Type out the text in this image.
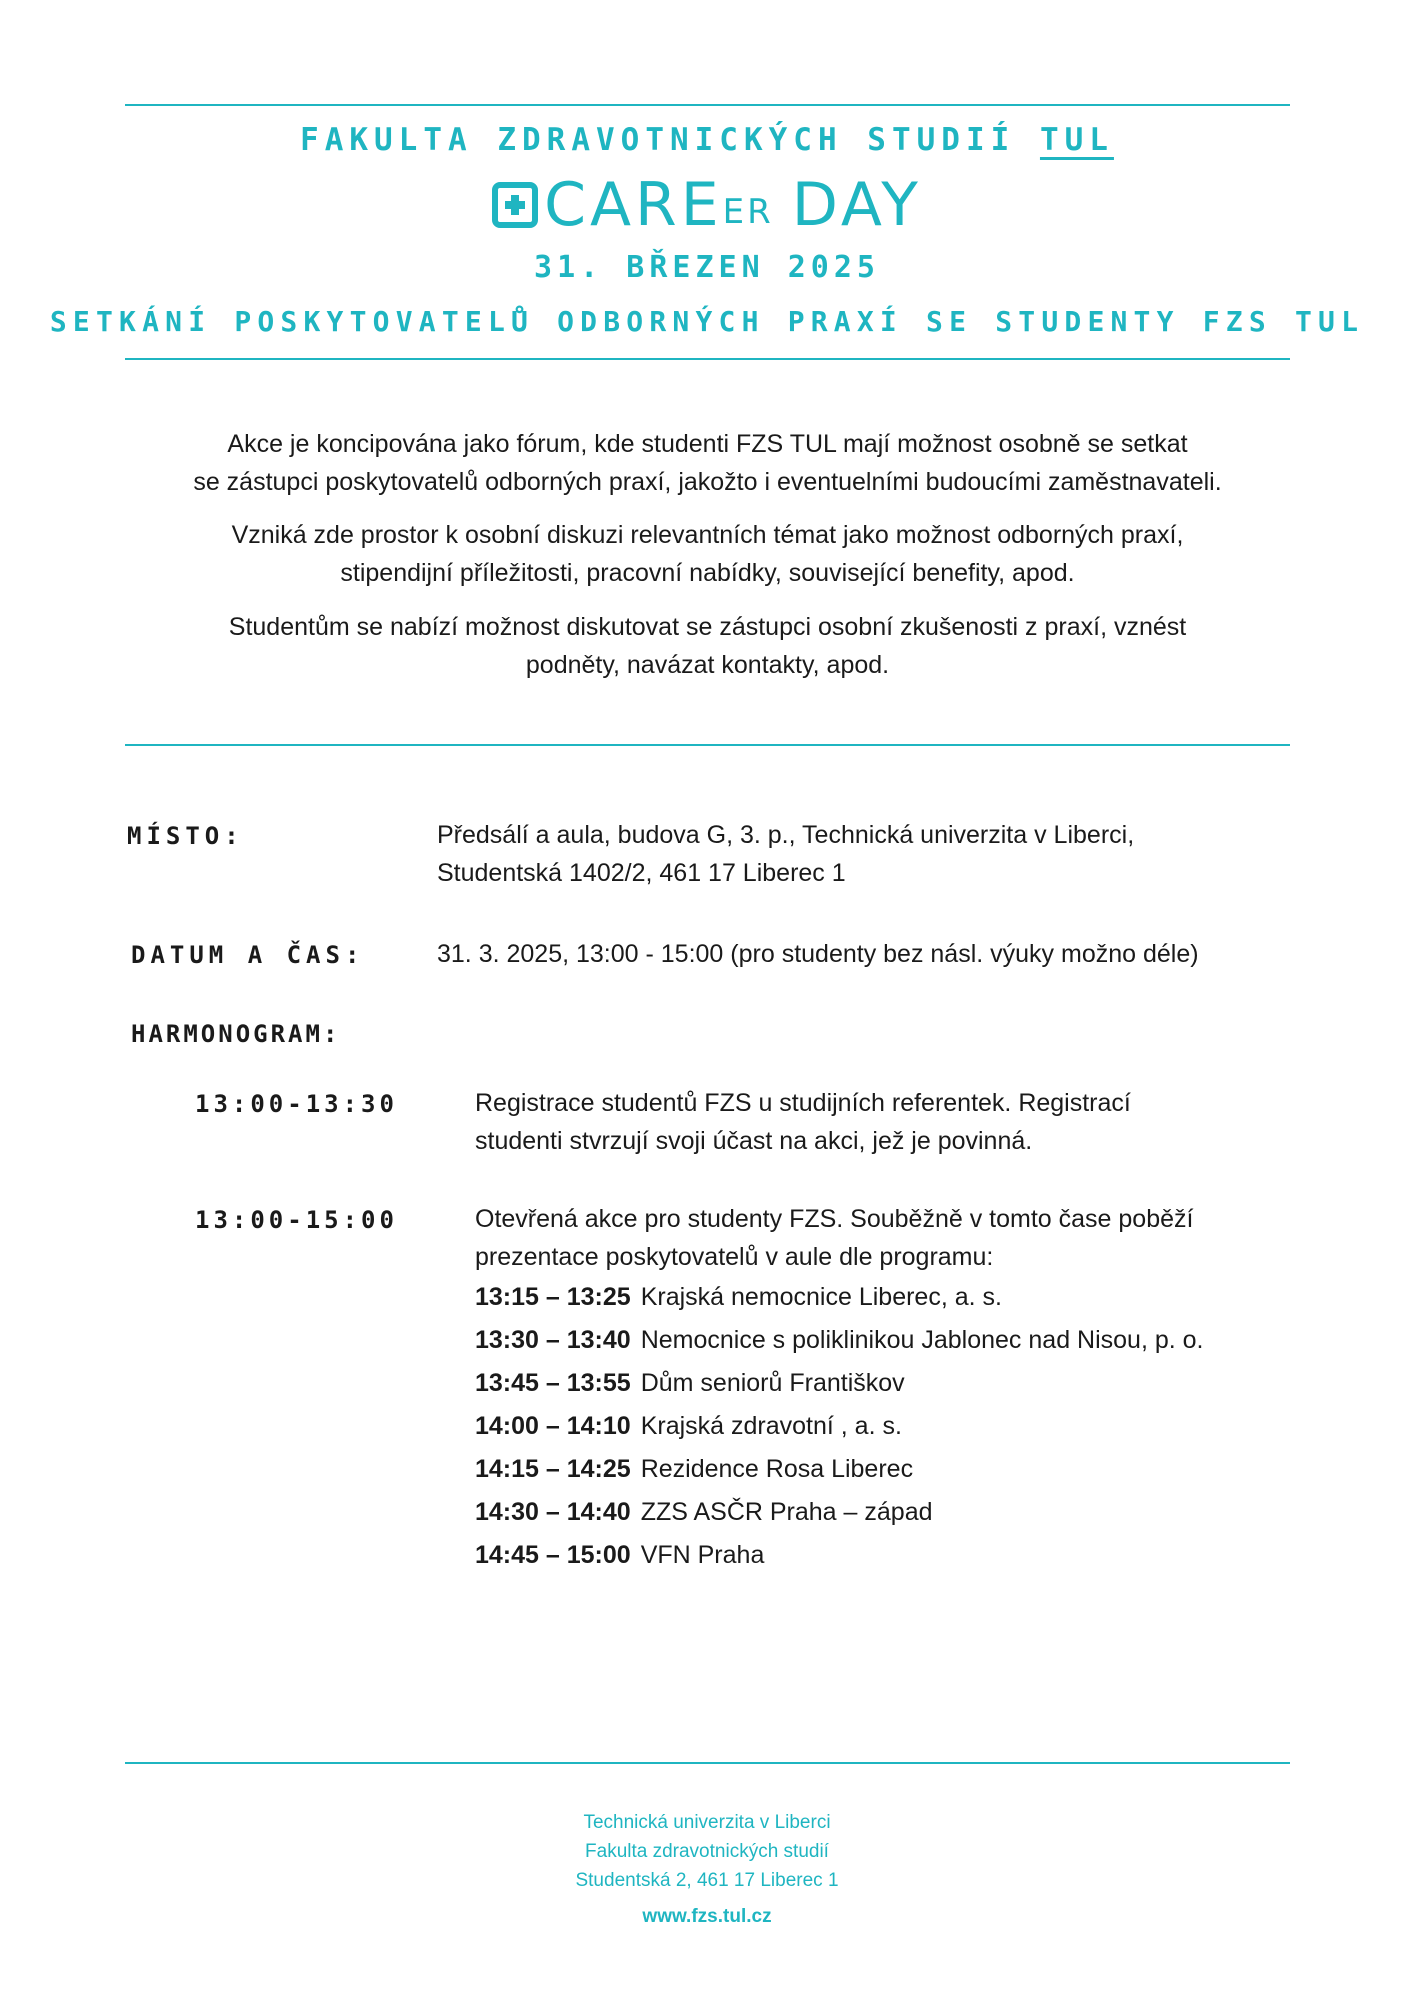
FAKULTA ZDRAVOTNICKÝCH STUDIÍ TUL
CARE ER DAY
31. BŘEZEN 2025
SETKÁNÍ POSKYTOVATELŮ ODBORNÝCH PRAXÍ SE STUDENTY FZS TUL

Akce je koncipována jako fórum, kde studenti FZS TUL mají možnost osobně se setkat

se zástupci poskytovatelů odborných praxí, jakožto i eventuelními budoucími zaměstnavateli.

Vzniká zde prostor k osobní diskuzi relevantních témat jako možnost odborných praxí,

stipendijní příležitosti, pracovní nabídky, související benefity, apod.

Studentům se nabízí možnost diskutovat se zástupci osobní zkušenosti z praxí, vznést

podněty, navázat kontakty, apod.

MÍSTO:	Předsálí a aula, budova G, 3. p., Technická univerzita v Liberci,
Studentská 1402/2, 461 17 Liberec 1
DATUM A ČAS:	31. 3. 2025, 13:00 - 15:00 (pro studenty bez násl. výuky možno déle)
HARMONOGRAM:
13:00-13:30	Registrace studentů FZS u studijních referentek. Registrací
studenti stvrzují svoji účast na akci, jež je povinná.
13:00-15:00	Otevřená akce pro studenty FZS. Souběžně v tomto čase poběží
prezentace poskytovatelů v aule dle programu:
13:15 – 13:25 Krajská nemocnice Liberec, a. s.
13:30 – 13:40 Nemocnice s poliklinikou Jablonec nad Nisou, p. o.
13:45 – 13:55 Dům seniorů Františkov
14:00 – 14:10 Krajská zdravotní , a. s.
14:15 – 14:25 Rezidence Rosa Liberec
14:30 – 14:40 ZZS ASČR Praha – západ
14:45 – 15:00 VFN Praha
Technická univerzita v Liberci
Fakulta zdravotnických studií
Studentská 2, 461 17 Liberec 1
www.fzs.tul.cz
